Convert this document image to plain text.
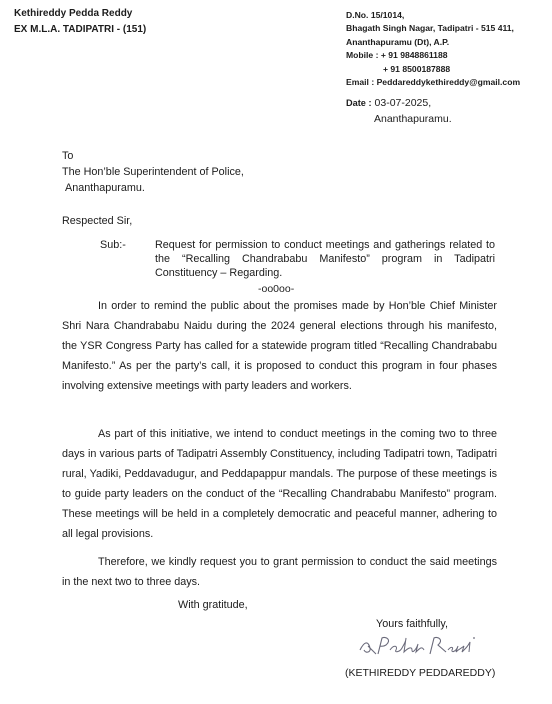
Kethireddy Pedda Reddy
EX M.L.A. TADIPATRI - (151)
D.No. 15/1014,
Bhagath Singh Nagar, Tadipatri - 515 411,
Ananthapuramu (Dt), A.P.
Mobile : + 91 9848861188
+ 91 8500187888
Email : Peddareddykethireddy@gmail.com
Date : 03-07-2025,
Ananthapuramu.
To
The Hon’ble Superintendent of Police,
Ananthapuramu.
Respected Sir,
Sub:-	Request for permission to conduct meetings and gatherings related to the “Recalling Chandrababu Manifesto” program in Tadipatri Constituency – Regarding.
-oo0oo-
In order to remind the public about the promises made by Hon’ble Chief Minister Shri Nara Chandrababu Naidu during the 2024 general elections through his manifesto, the YSR Congress Party has called for a statewide program titled “Recalling Chandrababu Manifesto.” As per the party’s call, it is proposed to conduct this program in four phases involving extensive meetings with party leaders and workers.
As part of this initiative, we intend to conduct meetings in the coming two to three days in various parts of Tadipatri Assembly Constituency, including Tadipatri town, Tadipatri rural, Yadiki, Peddavadugur, and Peddapappur mandals. The purpose of these meetings is to guide party leaders on the conduct of the “Recalling Chandrababu Manifesto” program. These meetings will be held in a completely democratic and peaceful manner, adhering to all legal provisions.
Therefore, we kindly request you to grant permission to conduct the said meetings in the next two to three days.
With gratitude,
Yours faithfully,
(KETHIREDDY PEDDAREDDY)
